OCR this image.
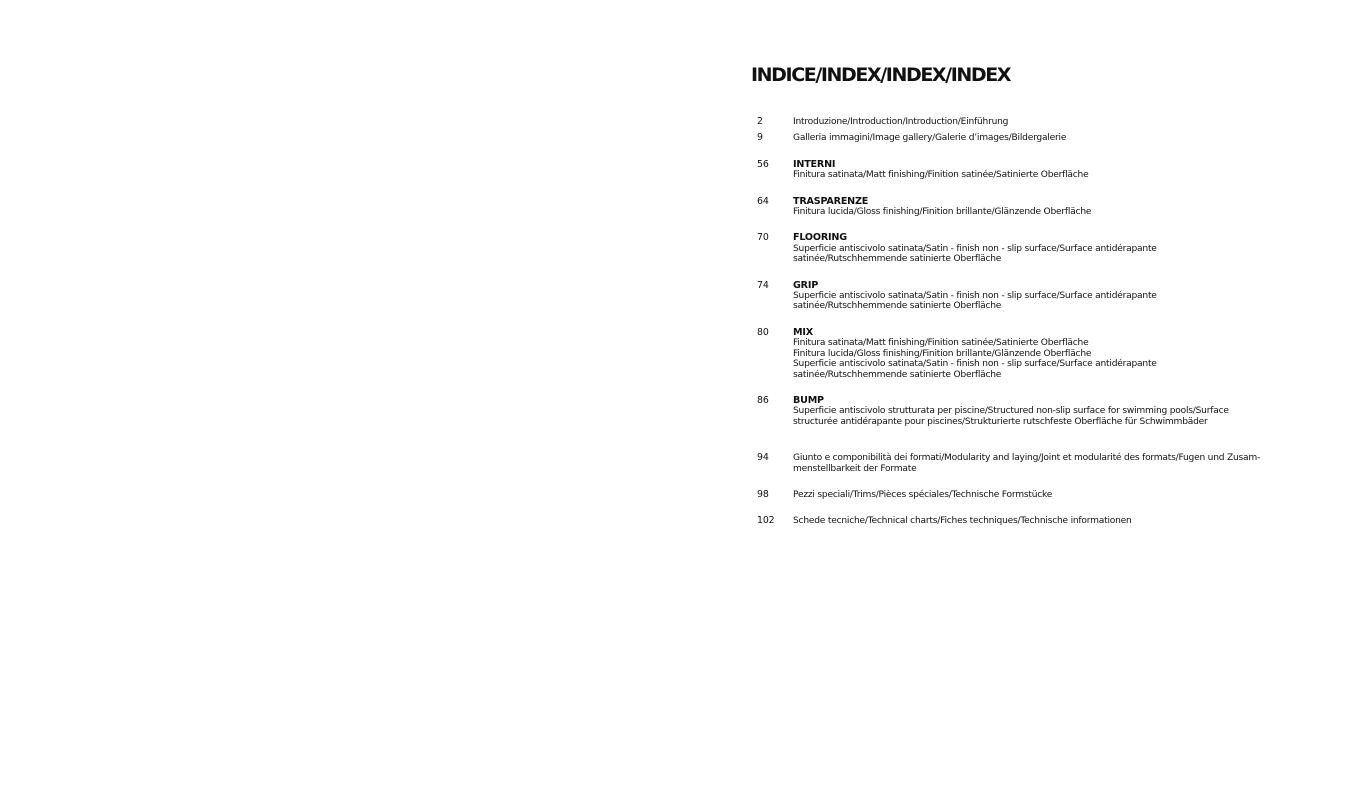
INDICE/INDEX/INDEX/INDEX
2	Introduzione/Introduction/Introduction/Einführung
9	Galleria immagini/Image gallery/Galerie d’images/Bildergalerie
56	INTERNI
Finitura satinata/Matt finishing/Finition satinée/Satinierte Oberfläche
64	TRASPARENZE
Finitura lucida/Gloss finishing/Finition brillante/Glänzende Oberfläche
70	FLOORING
Superficie antiscivolo satinata/Satin - finish non - slip surface/Surface antidérapante satinée/Rutschhemmende satinierte Oberfläche
74	GRIP
Superficie antiscivolo satinata/Satin - finish non - slip surface/Surface antidérapante satinée/Rutschhemmende satinierte Oberfläche
80	MIX
Finitura satinata/Matt finishing/Finition satinée/Satinierte Oberfläche
Finitura lucida/Gloss finishing/Finition brillante/Glänzende Oberfläche
Superficie antiscivolo satinata/Satin - finish non - slip surface/Surface antidérapante satinée/Rutschhemmende satinierte Oberfläche
86	BUMP
Superficie antiscivolo strutturata per piscine/Structured non-slip surface for swimming pools/Surface structurée antidérapante pour piscines/Strukturierte rutschfeste Oberfläche für Schwimmbäder
94	Giunto e componibilità dei formati/Modularity and laying/Joint et modularité des formats/Fugen und Zusam-menstellbarkeit der Formate
98	Pezzi speciali/Trims/Pièces spéciales/Technische Formstücke
102	Schede tecniche/Technical charts/Fiches techniques/Technische informationen
